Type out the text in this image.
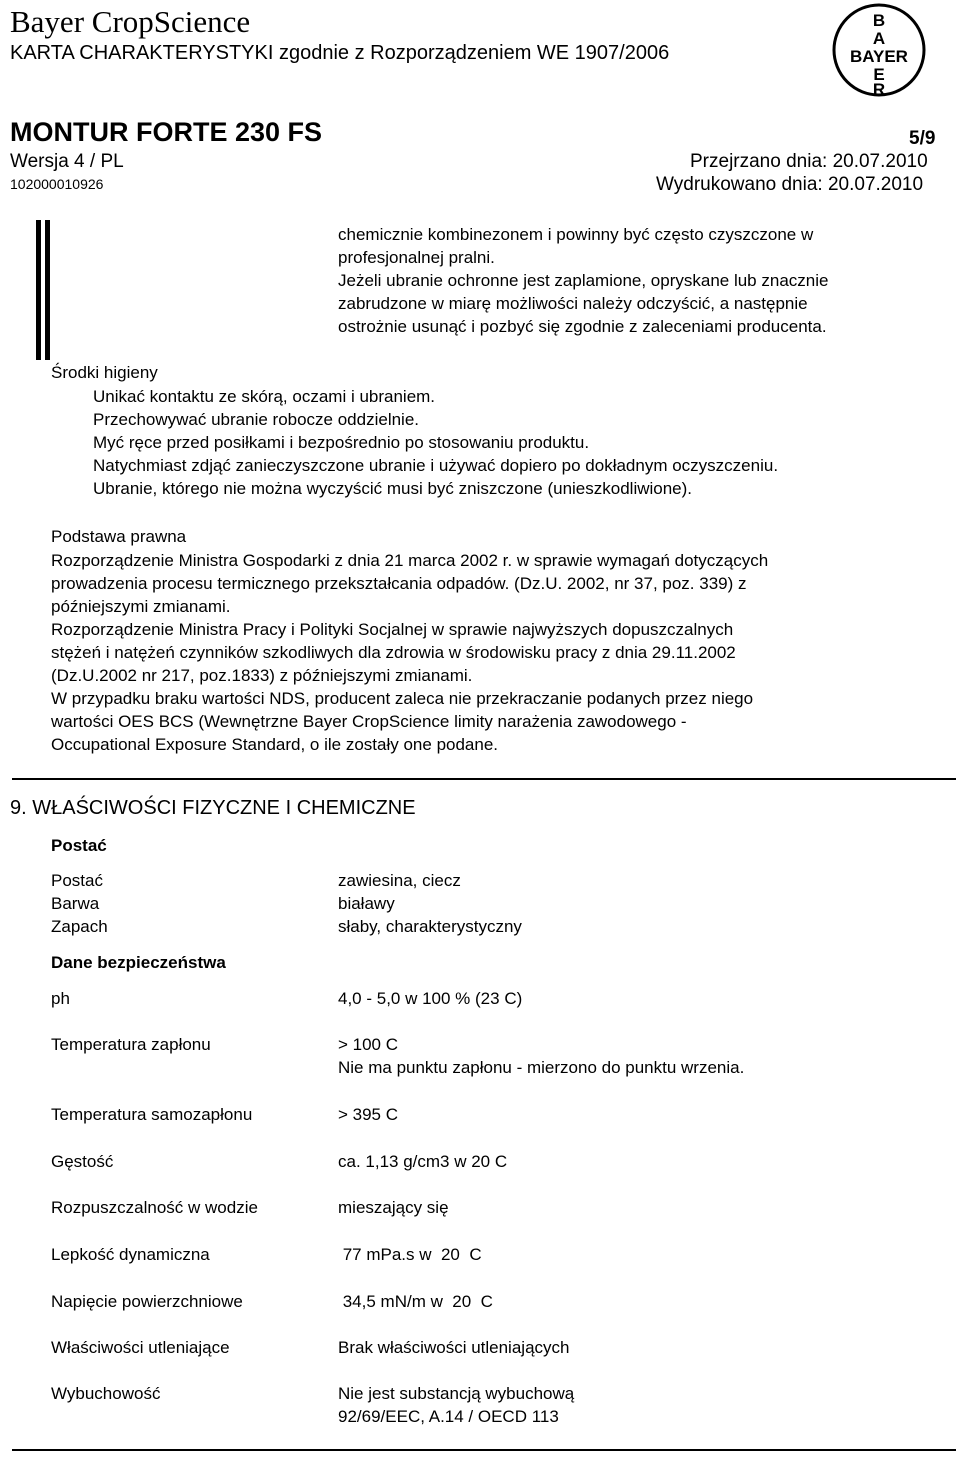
Bayer CropScience
KARTA CHARAKTERYSTYKI zgodnie z Rozporządzeniem WE 1907/2006
B
A
BAYER
E
R
MONTUR FORTE 230 FS	5/9
Wersja 4 / PL	Przejrzano dnia: 20.07.2010
102000010926	Wydrukowano dnia: 20.07.2010
chemicznie kombinezonem i powinny być często czyszczone w
profesjonalnej pralni.
Jeżeli ubranie ochronne jest zaplamione, opryskane lub znacznie
zabrudzone w miarę możliwości należy odczyścić, a następnie
ostrożnie usunąć i pozbyć się zgodnie z zaleceniami producenta.
Środki higieny
Unikać kontaktu ze skórą, oczami i ubraniem.
Przechowywać ubranie robocze oddzielnie.
Myć ręce przed posiłkami i bezpośrednio po stosowaniu produktu.
Natychmiast zdjąć zanieczyszczone ubranie i używać dopiero po dokładnym oczyszczeniu.
Ubranie, którego nie można wyczyścić musi być zniszczone (unieszkodliwione).
Podstawa prawna
Rozporządzenie Ministra Gospodarki z dnia 21 marca 2002 r. w sprawie wymagań dotyczących
prowadzenia procesu termicznego przekształcania odpadów. (Dz.U. 2002, nr 37, poz. 339) z
późniejszymi zmianami.
Rozporządzenie Ministra Pracy i Polityki Socjalnej w sprawie najwyższych dopuszczalnych
stężeń i natężeń czynników szkodliwych dla zdrowia w środowisku pracy z dnia 29.11.2002
(Dz.U.2002 nr 217, poz.1833) z późniejszymi zmianami.
W przypadku braku wartości NDS, producent zaleca nie przekraczanie podanych przez niego
wartości OES BCS (Wewnętrzne Bayer CropScience limity narażenia zawodowego -
Occupational Exposure Standard, o ile zostały one podane.
9. WŁAŚCIWOŚCI FIZYCZNE I CHEMICZNE
Postać
Postać	zawiesina, ciecz
Barwa	białawy
Zapach	słaby, charakterystyczny
Dane bezpieczeństwa
ph	4,0 - 5,0 w 100 % (23 C)
Temperatura zapłonu	> 100 C
Nie ma punktu zapłonu - mierzono do punktu wrzenia.
Temperatura samozapłonu	> 395 C
Gęstość	ca. 1,13 g/cm3 w 20 C
Rozpuszczalność w wodzie	mieszający się
Lepkość dynamiczna	77 mPa.s w  20  C
Napięcie powierzchniowe	34,5 mN/m w  20  C
Właściwości utleniające	Brak właściwości utleniających
Wybuchowość	Nie jest substancją wybuchową
92/69/EEC, A.14 / OECD 113
